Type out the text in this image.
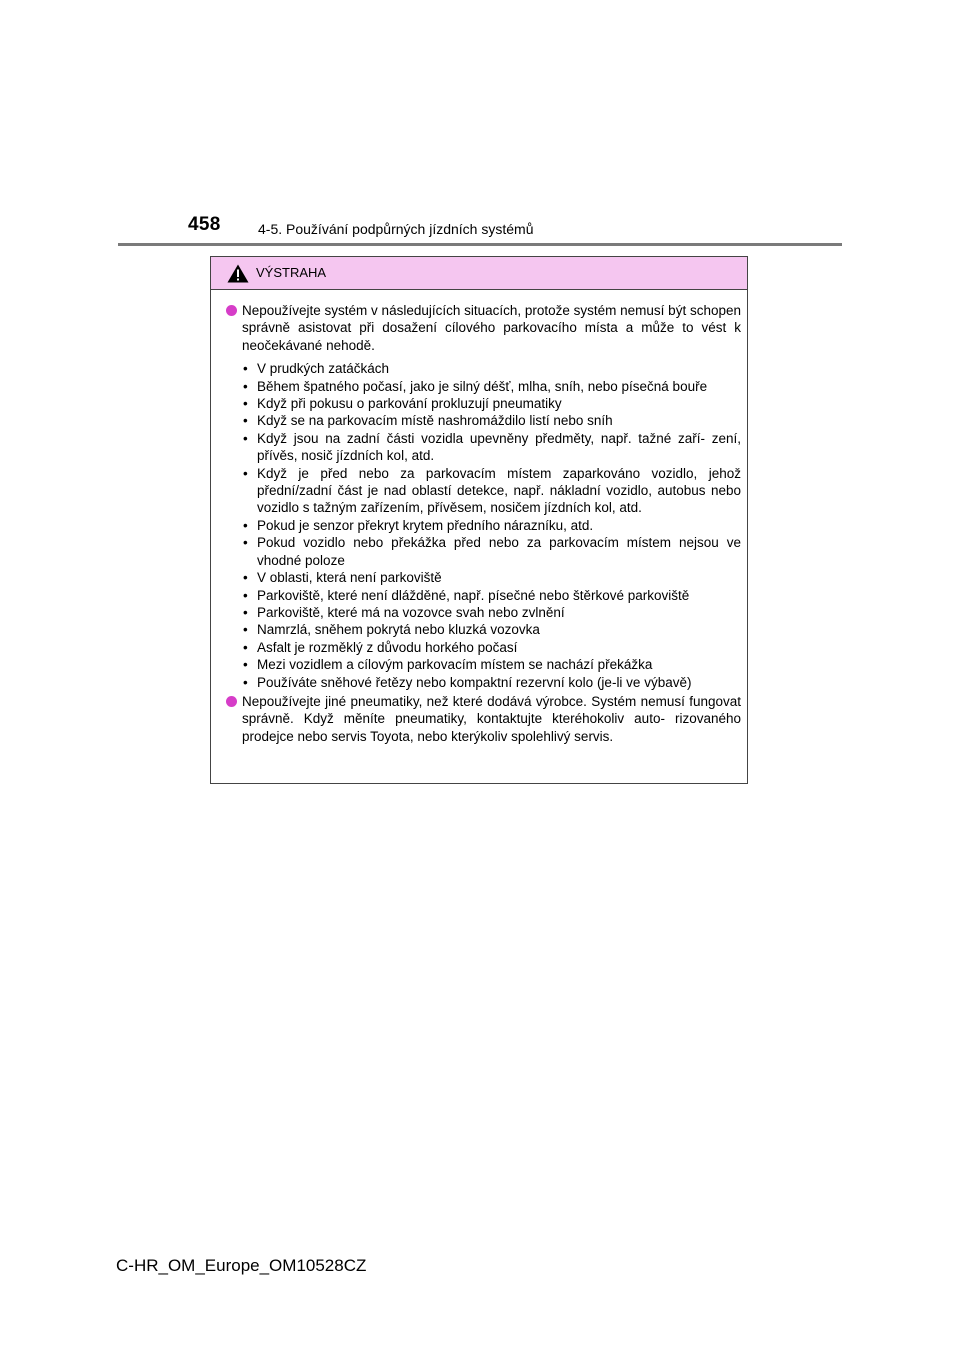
458	4-5. Používání podpůrných jízdních systémů
VÝSTRAHA
Nepoužívejte systém v následujících situacích, protože systém nemusí být schopen správně asistovat při dosažení cílového parkovacího místa a může to vést k neočekávané nehodě.
• V prudkých zatáčkách
• Během špatného počasí, jako je silný déšť, mlha, sníh, nebo písečná bouře
• Když při pokusu o parkování prokluzují pneumatiky
• Když se na parkovacím místě nashromáždilo listí nebo sníh
• Když jsou na zadní části vozidla upevněny předměty, např. tažné zaří- zení, přívěs, nosič jízdních kol, atd.
• Když je před nebo za parkovacím místem zaparkováno vozidlo, jehož přední/zadní část je nad oblastí detekce, např. nákladní vozidlo, autobus nebo vozidlo s tažným zařízením, přívěsem, nosičem jízdních kol, atd.
• Pokud je senzor překryt krytem předního nárazníku, atd.
• Pokud vozidlo nebo překážka před nebo za parkovacím místem nejsou ve vhodné poloze
• V oblasti, která není parkoviště
• Parkoviště, které není dlážděné, např. písečné nebo štěrkové parkoviště
• Parkoviště, které má na vozovce svah nebo zvlnění
• Namrzlá, sněhem pokrytá nebo kluzká vozovka
• Asfalt je rozměklý z důvodu horkého počasí
• Mezi vozidlem a cílovým parkovacím místem se nachází překážka
• Používáte sněhové řetězy nebo kompaktní rezervní kolo (je-li ve výbavě)
Nepoužívejte jiné pneumatiky, než které dodává výrobce. Systém nemusí fungovat správně. Když měníte pneumatiky, kontaktujte kteréhokoliv auto- rizovaného prodejce nebo servis Toyota, nebo kterýkoliv spolehlivý servis.
C-HR_OM_Europe_OM10528CZ
